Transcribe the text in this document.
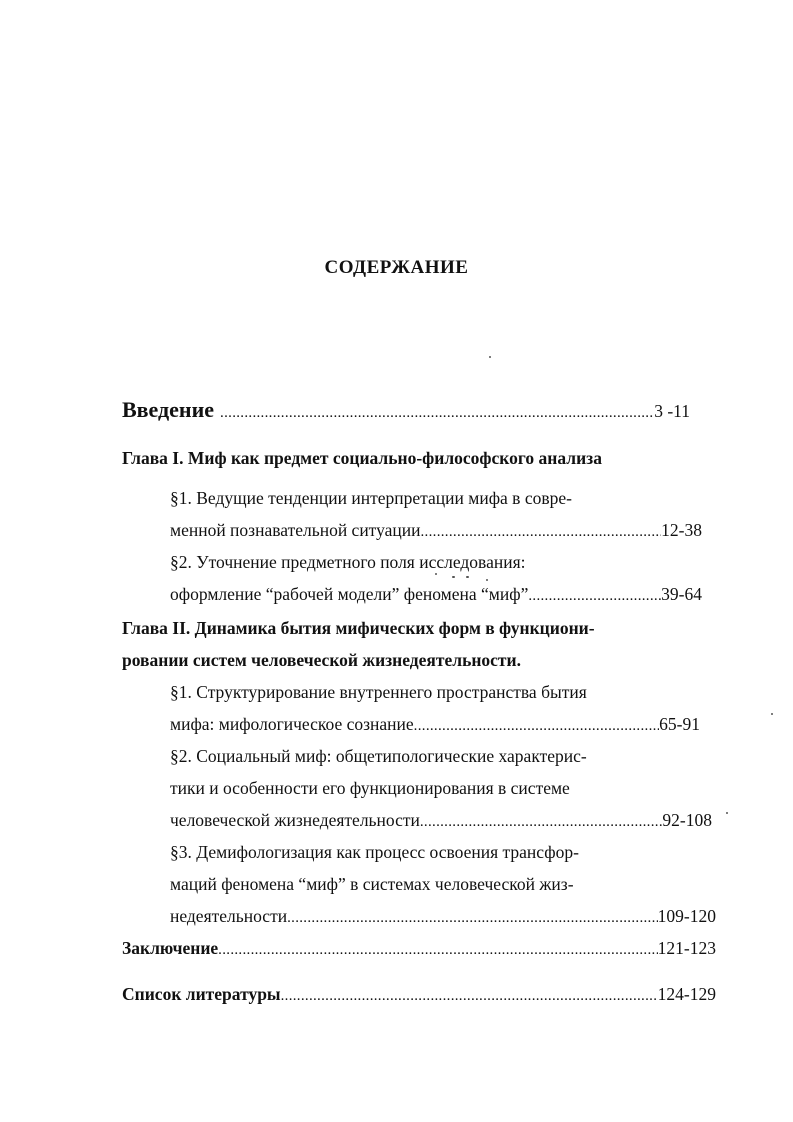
СОДЕРЖАНИЕ
Введение .....	3 -11
Глава I. Миф как предмет социально-философского анализа
§1. Ведущие тенденции интерпретации мифа в совре-
менной познавательной ситуации .....	12-38
§2. Уточнение предметного поля исследования:
оформление “рабочей модели” феномена “миф” .....	39-64
Глава II. Динамика бытия мифических форм в функциони-
ровании систем человеческой жизнедеятельности.
§1. Структурирование внутреннего пространства бытия
мифа: мифологическое сознание .....	65-91
§2. Социальный миф: общетипологические характерис-
тики и особенности его функционирования в системе
человеческой жизнедеятельности .....	92-108
§3. Демифологизация как процесс освоения трансфор-
маций феномена “миф” в системах человеческой жиз-
недеятельности .....	109-120
Заключение .....	121-123
Список литературы .....	124-129
